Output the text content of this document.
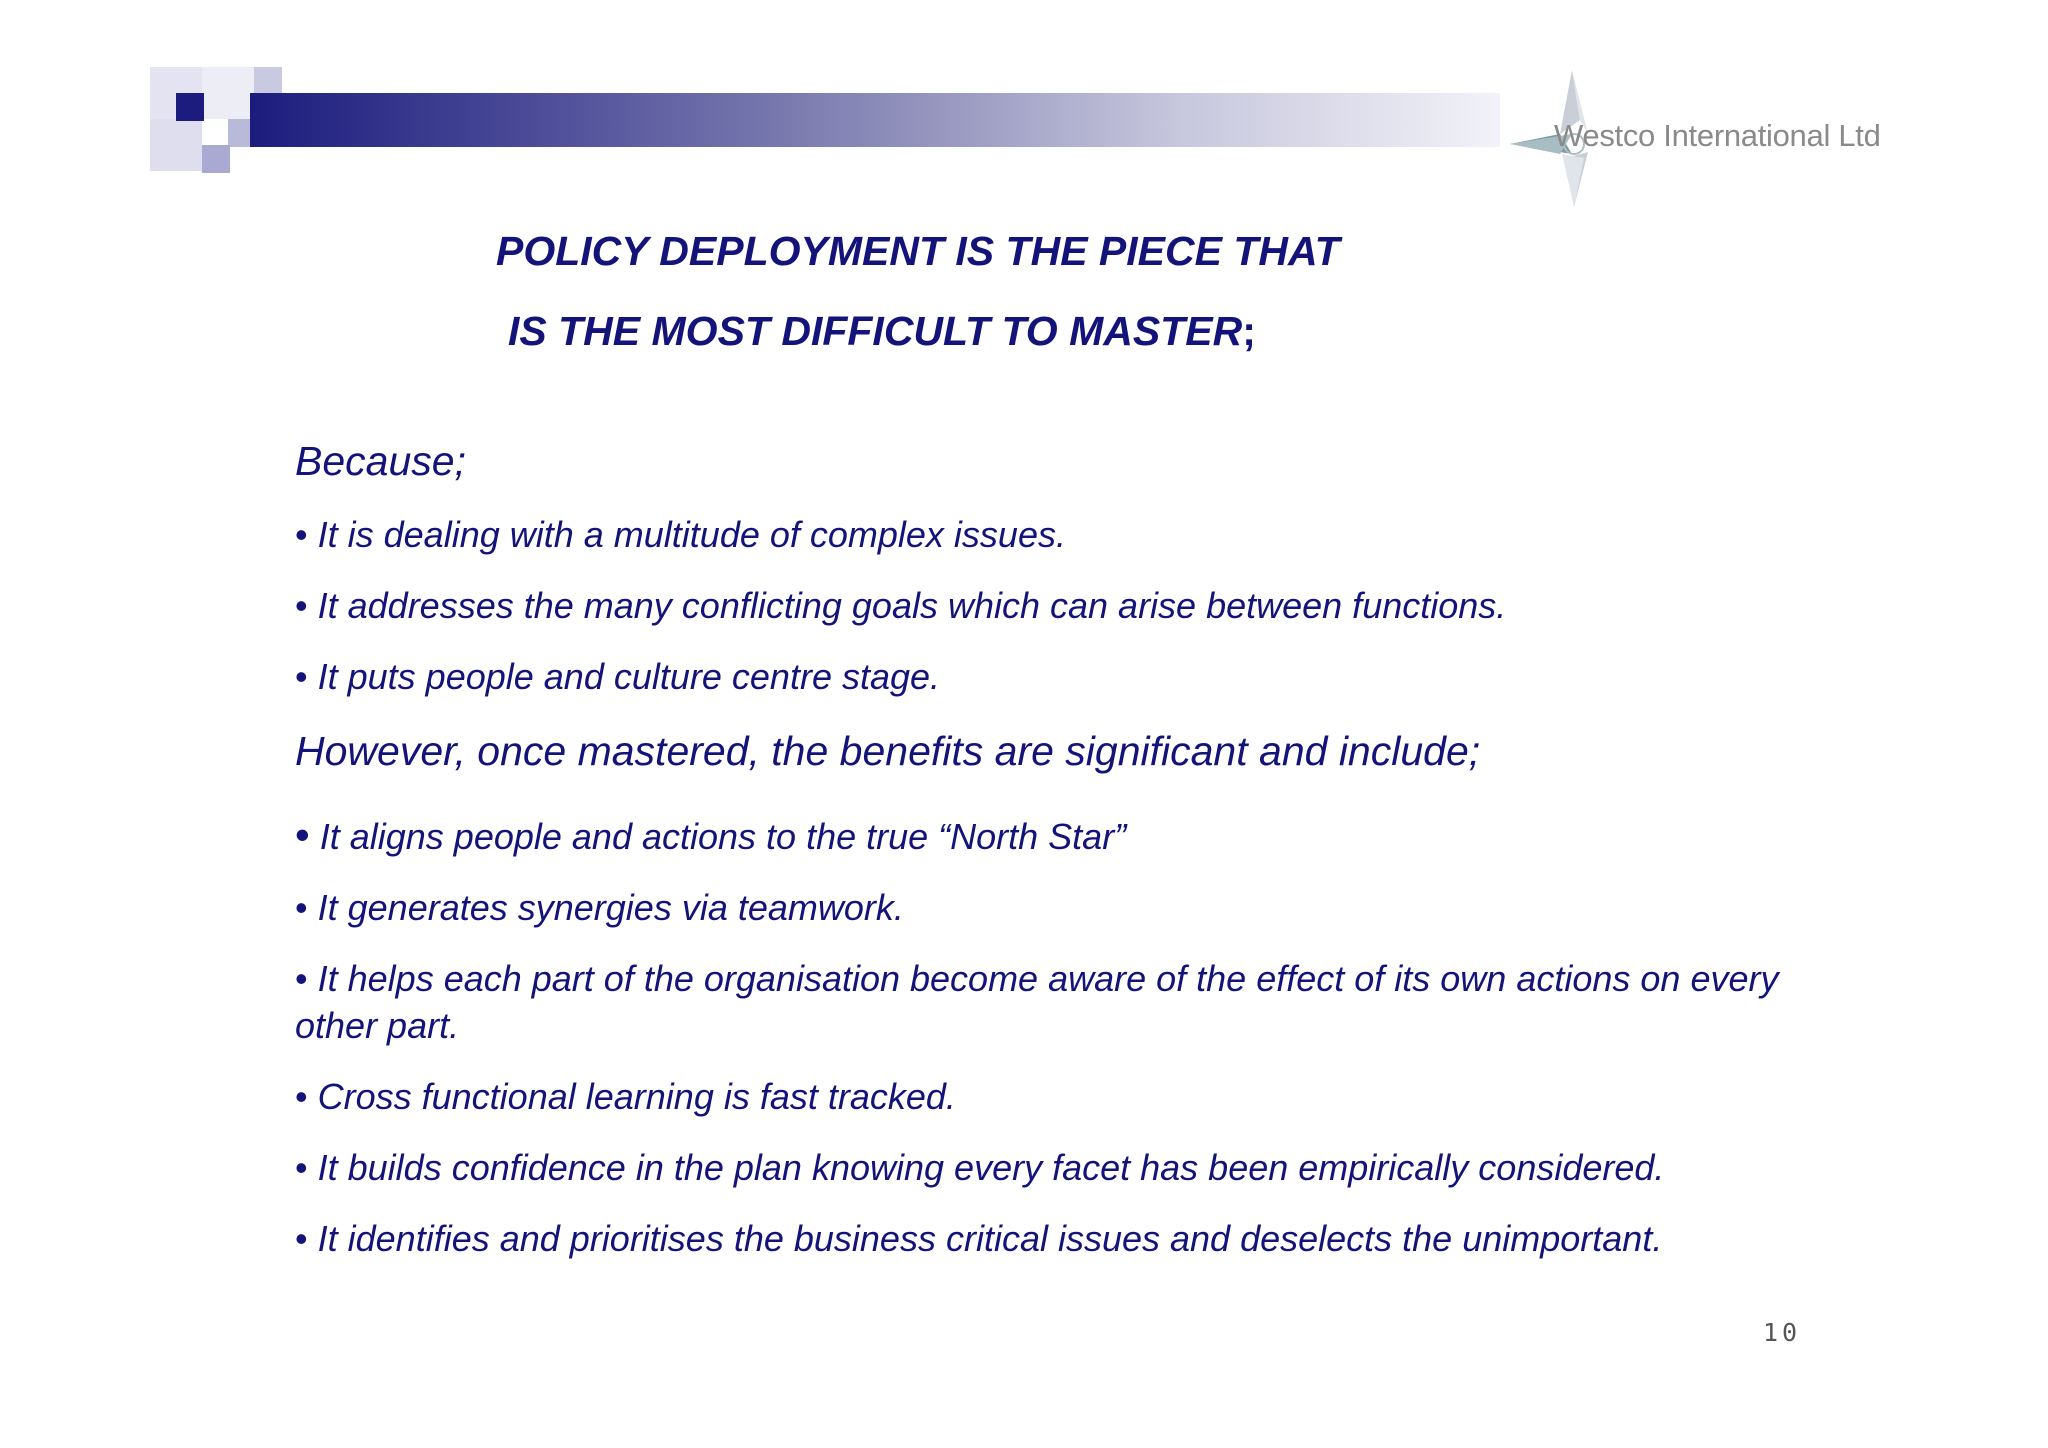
Westco International Ltd
POLICY DEPLOYMENT IS THE PIECE THAT
IS THE MOST DIFFICULT TO MASTER;
Because;
• It is dealing with a multitude of complex issues.
• It addresses the many conflicting goals which can arise between functions.
• It puts people and culture centre stage.
However, once mastered, the benefits are significant and include;
• It aligns people and actions to the true “North Star”
• It generates synergies via teamwork.
• It helps each part of the organisation become aware of the effect of its own actions on every other part.
• Cross functional learning is fast tracked.
• It builds confidence in the plan knowing every facet has been empirically considered.
• It identifies and prioritises the business critical issues and deselects the unimportant.
10
